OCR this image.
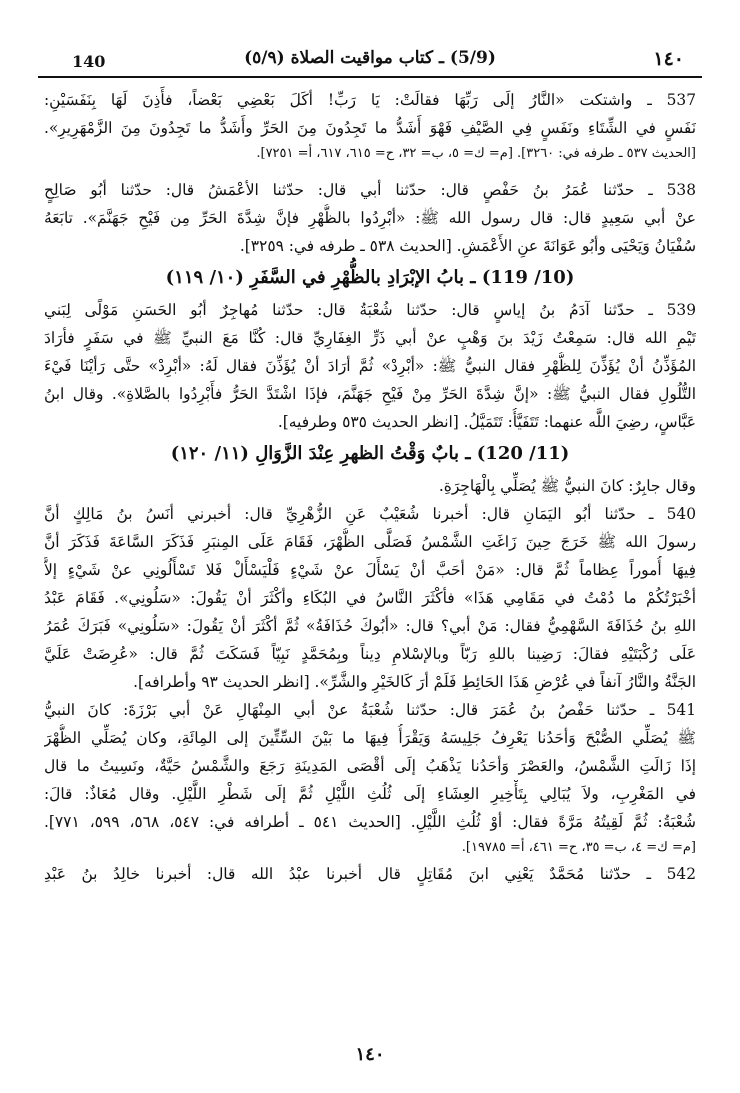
140	(5/9) ـ كتاب مواقيت الصلاة (٥/٩)	١٤٠
537 ـ واشتكت «النَّارُ إلَى رَبِّهَا فقالَتْ: يَا رَبِّ! أكَلَ بَعْضِي بَعْضاً، فأَذِنَ لَهَا بِنَفَسَيْنِ:
نَفَسٍ في الشِّتَاءِ ونَفَسٍ فِي الصَّيْفِ فَهْوَ أَشَدُّ ما تَجِدُونَ مِنَ الحَرِّ وأَشَدُّ ما تَجِدُونَ مِنَ الزَّمْهَرِيرِ».
[الحديث ٥٣٧ ـ طرفه في: ٣٢٦٠]. [م= ك= ٥، ب= ٣٢، ح= ٦١٥، ٦١٧، أ= ٧٢٥١].
538 ـ حدّثنا عُمَرُ بنُ حَفْصٍ قال: حدّثنا أبي قال: حدّثنا الأعْمَشُ قال: حدّثنا أبُو صَالِحٍ
عنْ أبي سَعِيدٍ قال: قال رسول الله ﷺ: «أبْرِدُوا بالظُّهْرِ فإنَّ شِدَّةَ الحَرِّ مِن فَيْحِ جَهَنَّمَ». تابَعَهُ
سُفْيَانُ وَيَحْيَى وأبُو عَوَانَةَ عنِ الأَعْمَشِ. [الحديث ٥٣٨ ـ طرفه في: ٣٢٥٩].
(10/ 119) ـ بابُ الإبْرَادِ بالظُّهْرِ في السَّفَرِ (١٠/ ١١٩)
539 ـ حدّثنا آدَمُ بنُ إياسٍ قال: حدّثنا شُعْبَةُ قال: حدّثنا مُهاجِرٌ أبُو الحَسَنِ مَوْلًى لِبَني
تَيْمِ الله قال: سَمِعْتُ زَيْدَ بنَ وَهْبٍ عنْ أبي ذَرٍّ الغِفَارِيِّ قال: كُنَّا مَعَ النبيِّ ﷺ في سَفَرٍ فأرَادَ
المُؤَذِّنُ أنْ يُؤَذِّنَ لِلظُّهْرِ فقال النبيُّ ﷺ: «أبْرِدْ» ثُمَّ أرَادَ أنْ يُؤَذِّنَ فقال لَهُ: «أبْرِدْ» حتَّى رَأيْنَا فَيْءَ
التُّلُولِ فقال النبيُّ ﷺ: «إنَّ شِدَّةَ الحَرِّ مِنْ فَيْحِ جَهَنَّمَ، فإذَا اشْتَدَّ الحَرُّ فأَبْرِدُوا بالصَّلاةِ». وقال ابنُ
عَبَّاسٍ، رضِيَ اللَّه عنهما: تَتَفَيَّأُ: تَتَمَيَّلُ. [انظر الحديث ٥٣٥ وطرفيه].
(11/ 120) ـ بابٌ وَقْتُ الظهرِ عِنْدَ الزَّوَالِ (١١/ ١٢٠)
وقال جابِرٌ: كانَ النبيُّ ﷺ يُصَلِّي بِالْهَاجِرَةِ.
540 ـ حدّثنا أبُو اليَمَانِ قال: أخبرنا شُعَيْبٌ عَنِ الزُّهْرِيِّ قال: أخبرني أنَسُ بنُ مَالِكٍ أنَّ
رسولَ الله ﷺ خَرَجَ حِينَ زَاغَتِ الشَّمْسُ فَصَلَّى الظُّهْرَ، فَقَامَ عَلَى المِنبَرِ فَذَكَرَ السَّاعَةَ فَذَكَرَ أنَّ
فِيهَا أُموراً عِظاماً ثُمَّ قال: «مَنْ أحَبَّ أنْ يَسْأَلَ عنْ شَيْءٍ فَلْيَسْأَلْ فَلا تَسْأَلُونِي عنْ شَيْءٍ إلاَّ
أخْبَرْتُكُمْ ما دُمْتُ في مَقَامِي هَذَا» فأكْثَرَ النَّاسُ في البُكَاءِ وأكْثَرَ أنْ يَقُولَ: «سَلُونِي». فَقَامَ عَبْدُ
اللهِ بنُ حُذَافَةَ السَّهْمِيُّ فقال: مَنْ أبي؟ قال: «أبُوكَ حُذَافَةُ» ثُمَّ أكْثَرَ أنْ يَقُولَ: «سَلُونِي» فَبَرَكَ عُمَرُ
عَلَى رُكْبَتَيْهِ فقالَ: رَضِينا باللهِ رَبّاً وبالإسْلامِ دِيناً وبِمُحَمَّدٍ نَبِيّاً فَسَكَتَ ثُمَّ قال: «عُرِضَتْ عَلَيَّ
الجَنَّةُ والنَّارُ آنفاً في عُرْضِ هَذَا الحَائِطِ فَلَمْ أرَ كَالخَيْرِ والشَّرِّ». [انظر الحديث ٩٣ وأطرافه].
541 ـ حدّثنا حَفْصُ بنُ عُمَرَ قال: حدّثنا شُعْبَةُ عنْ أبي المِنْهَالِ عَنْ أبي بَرْزَةَ: كانَ النبيُّ
ﷺ يُصَلِّي الصُّبْحَ وَأحَدُنا يَعْرِفُ جَلِيسَهُ وَيَقْرَأُ فِيهَا ما بَيْنَ السِّتِّينَ إلى المِائَةِ، وكان يُصَلِّي الظُّهْرَ
إذَا زَالَتِ الشَّمْسُ، والعَصْرَ وَأحَدُنا يَذْهَبُ إلَى أقْصَى المَدِينَةِ رَجَعَ والشَّمْسُ حَيَّةٌ، ونَسِيتُ ما قال
في المَغْرِبِ، ولاَ يُبَالِي بِتَأْخِيرِ العِشَاءِ إلَى ثُلُثِ اللَّيْلِ ثُمَّ إلَى شَطْرِ اللَّيْلِ. وقال مُعَاذٌ: قالَ:
شُعْبَةُ: ثُمَّ لَقِيتُهُ مَرَّةً فقال: أوْ ثُلُثِ اللَّيْلِ. [الحديث ٥٤١ ـ أطرافه في: ٥٤٧، ٥٦٨، ٥٩٩، ٧٧١].
[م= ك= ٤، ب= ٣٥، ح= ٤٦١، أ= ١٩٧٨٥].
542 ـ حدّثنا مُحَمَّدٌ يَعْنِي ابنَ مُقَاتِلٍ قال أخبرنا عبْدُ الله قال: أخبرنا خالِدُ بنُ عَبْدِ
١٤٠
